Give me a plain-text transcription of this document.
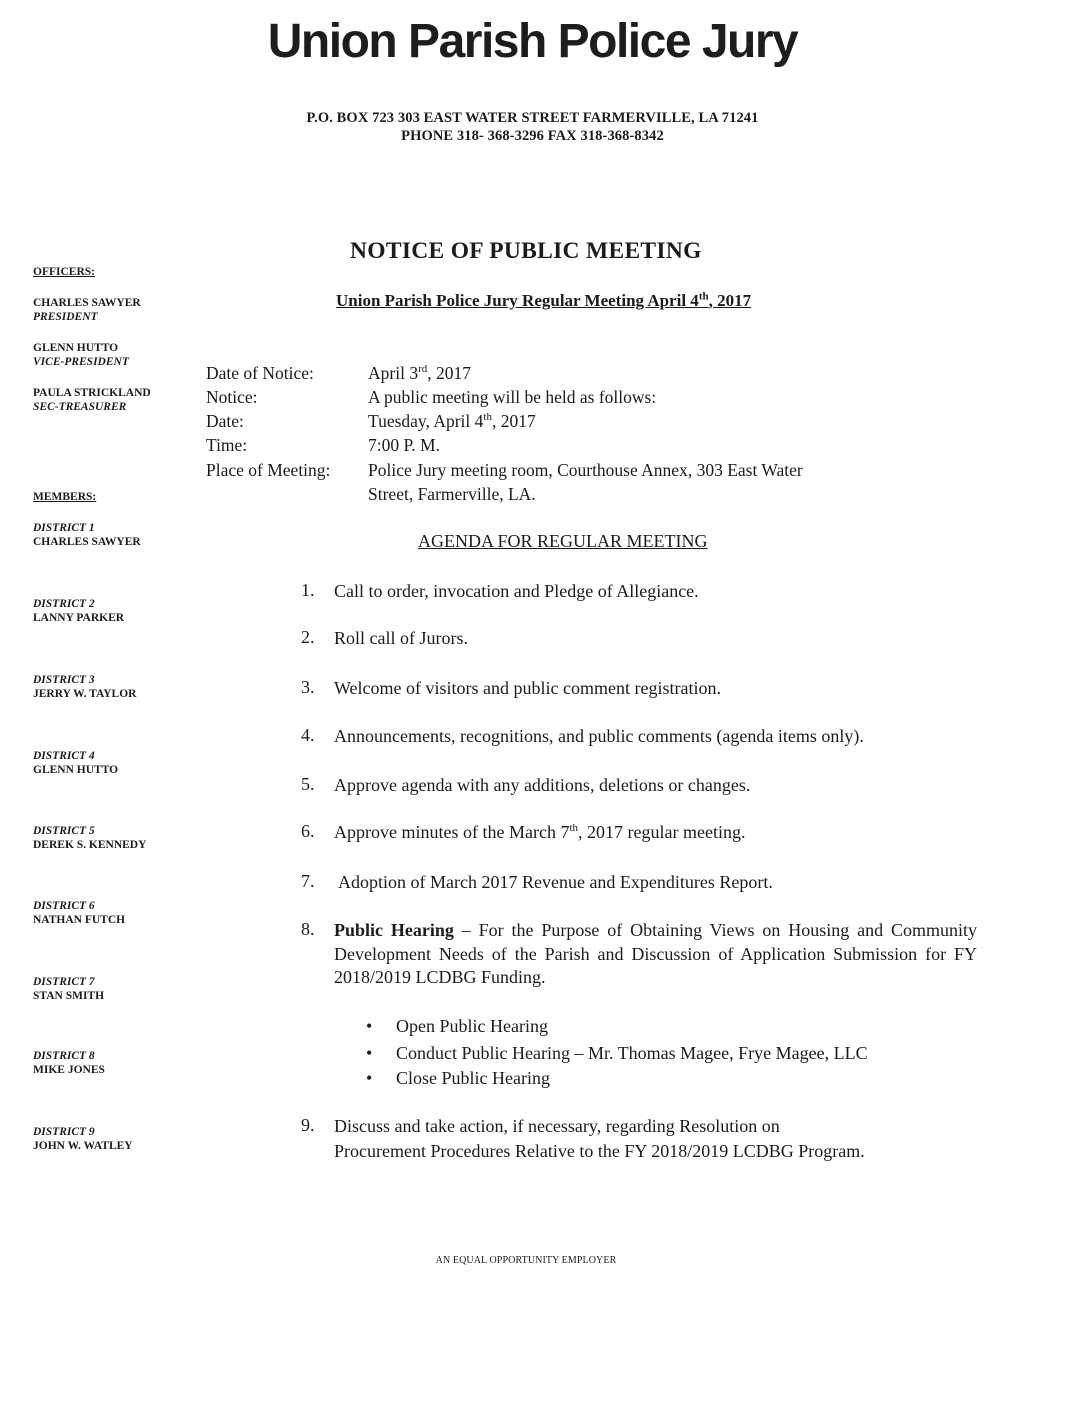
Union Parish Police Jury
P.O. BOX 723 303 EAST WATER STREET FARMERVILLE, LA 71241
PHONE 318- 368-3296 FAX 318-368-8342
OFFICERS:
CHARLES SAWYER
PRESIDENT
GLENN HUTTO
VICE-PRESIDENT
PAULA STRICKLAND
SEC-TREASURER
MEMBERS:
DISTRICT 1
CHARLES SAWYER
DISTRICT 2
LANNY PARKER
DISTRICT 3
JERRY W. TAYLOR
DISTRICT 4
GLENN HUTTO
DISTRICT 5
DEREK S. KENNEDY
DISTRICT 6
NATHAN FUTCH
DISTRICT 7
STAN SMITH
DISTRICT 8
MIKE JONES
DISTRICT 9
JOHN W. WATLEY
NOTICE OF PUBLIC MEETING
Union Parish Police Jury Regular Meeting April 4th, 2017
Date of Notice:	April 3rd, 2017
Notice:	A public meeting will be held as follows:
Date:	Tuesday, April 4th, 2017
Time:	7:00 P. M.
Place of Meeting: Police Jury meeting room, Courthouse Annex, 303 East Water
Street, Farmerville, LA.
AGENDA FOR REGULAR MEETING
1. Call to order, invocation and Pledge of Allegiance.
2. Roll call of Jurors.
3. Welcome of visitors and public comment registration.
4. Announcements, recognitions, and public comments (agenda items only).
5. Approve agenda with any additions, deletions or changes.
6. Approve minutes of the March 7th, 2017 regular meeting.
7. Adoption of March 2017 Revenue and Expenditures Report.
8. Public Hearing – For the Purpose of Obtaining Views on Housing and Community Development Needs of the Parish and Discussion of Application Submission for FY 2018/2019 LCDBG Funding.
• Open Public Hearing
• Conduct Public Hearing – Mr. Thomas Magee, Frye Magee, LLC
• Close Public Hearing
9. Discuss and take action, if necessary, regarding Resolution on
Procurement Procedures Relative to the FY 2018/2019 LCDBG Program.
AN EQUAL OPPORTUNITY EMPLOYER
